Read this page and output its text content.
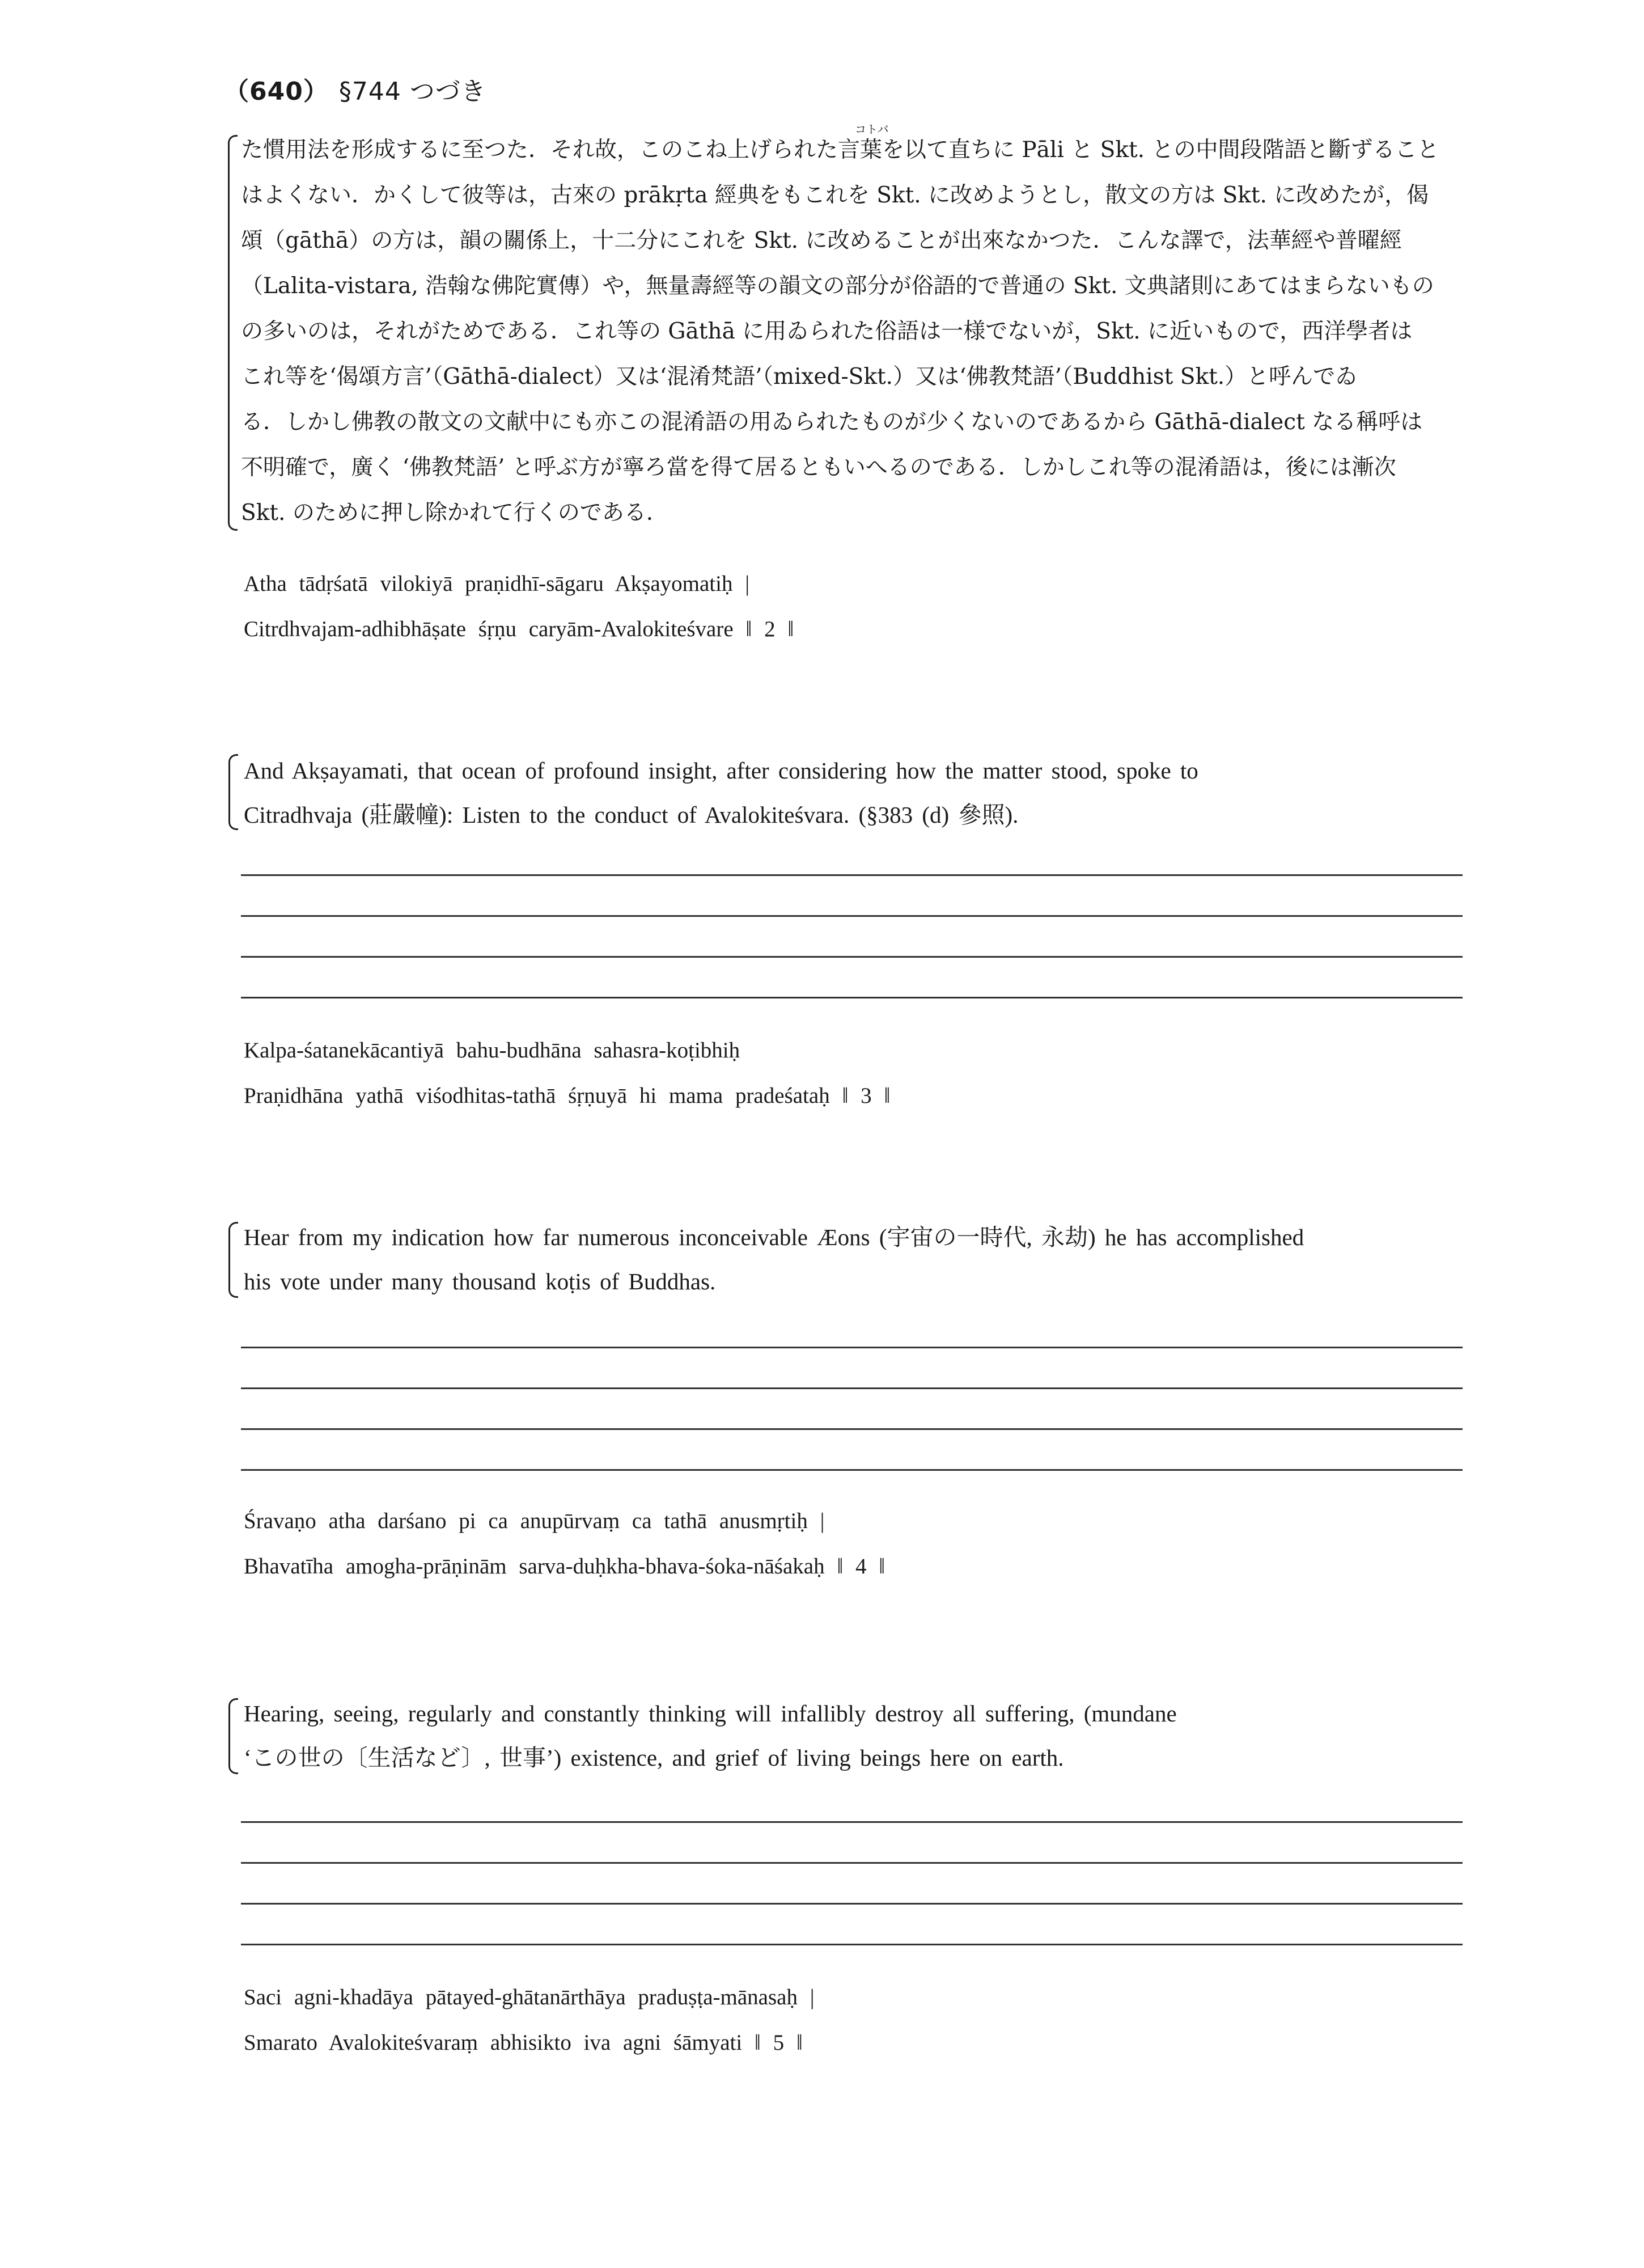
（640） §744 つづき
コトバ
た慣用法を形成するに至つた．それ故，このこね上げられた言葉を以て直ちに Pāli と Skt. との中間段階語と斷ずること
はよくない．かくして彼等は，古來の prākṛta 經典をもこれを Skt. に改めようとし，散文の方は Skt. に改めたが，偈
頌（gāthā）の方は，韻の關係上，十二分にこれを Skt. に改めることが出來なかつた．こんな譯で，法華經や普曜經
（Lalita-vistara, 浩翰な佛陀實傳）や，無量壽經等の韻文の部分が俗語的で普通の Skt. 文典諸則にあてはまらないもの
の多いのは，それがためである．これ等の Gāthā に用ゐられた俗語は一様でないが，Skt. に近いもので，西洋學者は
これ等を‘偈頌方言’（Gāthā-dialect）又は‘混淆梵語’（mixed-Skt.）又は‘佛教梵語’（Buddhist Skt.）と呼んでゐ
る．しかし佛教の散文の文献中にも亦この混淆語の用ゐられたものが少くないのであるから Gāthā-dialect なる稱呼は
不明確で，廣く ‘佛教梵語’ と呼ぶ方が寧ろ當を得て居るともいへるのである．しかしこれ等の混淆語は，後には漸次
Skt. のために押し除かれて行くのである．
Atha tādṛśatā vilokiyā praṇidhī-sāgaru Akṣayomatiḥ |
Citrdhvajam-adhibhāṣate śṛṇu caryām-Avalokiteśvare ‖ 2 ‖
And Akṣayamati, that ocean of profound insight, after considering how the matter stood, spoke to
Citradhvaja (莊嚴幢): Listen to the conduct of Avalokiteśvara. (§383 (d) 參照).
Kalpa-śatanekācantiyā bahu-budhāna sahasra-koṭibhiḥ
Praṇidhāna yathā viśodhitas-tathā śṛṇuyā hi mama pradeśataḥ ‖ 3 ‖
Hear from my indication how far numerous inconceivable Æons (宇宙の一時代, 永劫) he has accomplished
his vote under many thousand koṭis of Buddhas.
Śravaṇo atha darśano pi ca anupūrvaṃ ca tathā anusmṛtiḥ |
Bhavatīha amogha-prāṇinām sarva-duḥkha-bhava-śoka-nāśakaḥ ‖ 4 ‖
Hearing, seeing, regularly and constantly thinking will infallibly destroy all suffering, (mundane
‘この世の〔生活など〕, 世事’) existence, and grief of living beings here on earth.
Saci agni-khadāya pātayed-ghātanārthāya praduṣṭa-mānasaḥ |
Smarato Avalokiteśvaraṃ abhisikto iva agni śāmyati ‖ 5 ‖
